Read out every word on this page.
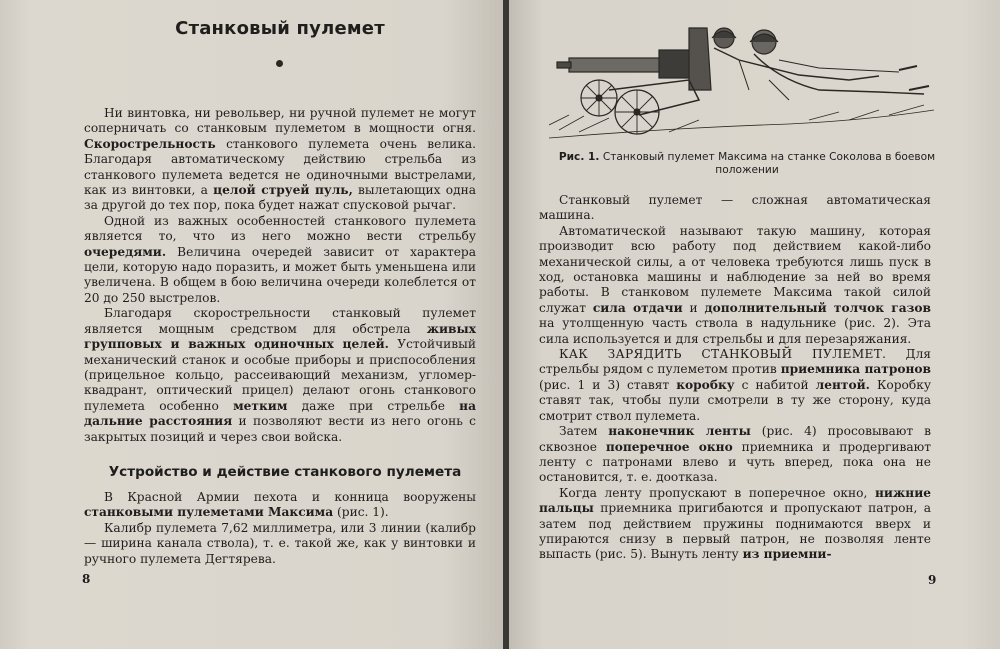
Станковый пулемет

Ни винтовка, ни револьвер, ни ручной пулемет не могут соперничать со станковым пулеметом в мощности огня. Скорострельность станкового пулемета очень велика. Благодаря автоматическому действию стрельба из станкового пулемета ведется не одиночными выстрелами, как из винтовки, а целой струей пуль, вылетающих одна за другой до тех пор, пока будет нажат спусковой рычаг.

Одной из важных особенностей станкового пулемета является то, что из него можно вести стрельбу очередями. Величина очередей зависит от характера цели, которую надо поразить, и может быть уменьшена или увеличена. В общем в бою величина очереди колеблется от 20 до 250 выстрелов.

Благодаря скорострельности станковый пулемет является мощным средством для обстрела живых групповых и важных одиночных целей. Устойчивый механический станок и особые приборы и приспособления (прицельное кольцо, рассеивающий механизм, угломер-квадрант, оптический прицел) делают огонь станкового пулемета особенно метким даже при стрельбе на дальние расстояния и позволяют вести из него огонь с закрытых позиций и через свои войска.

Устройство и действие станкового пулемета

В Красной Армии пехота и конница вооружены станковыми пулеметами Максима (рис. 1).

Калибр пулемета 7,62 миллиметра, или 3 линии (калибр — ширина канала ствола), т. е. такой же, как у винтовки и ручного пулемета Дегтярева.

8
Рис. 1. Станковый пулемет Максима на станке Соколова в боевом положении

Станковый пулемет — сложная автоматическая машина.

Автоматической называют такую машину, которая производит всю работу под действием какой-либо механической силы, а от человека требуются лишь пуск в ход, остановка машины и наблюдение за ней во время работы. В станковом пулемете Максима такой силой служат сила отдачи и дополнительный толчок газов на утолщенную часть ствола в надульнике (рис. 2). Эта сила используется и для стрельбы и для перезаряжания.

КАК ЗАРЯДИТЬ СТАНКОВЫЙ ПУЛЕМЕТ. Для стрельбы рядом с пулеметом против приемника патронов (рис. 1 и 3) ставят коробку с набитой лентой. Коробку ставят так, чтобы пули смотрели в ту же сторону, куда смотрит ствол пулемета.

Затем наконечник ленты (рис. 4) просовывают в сквозное поперечное окно приемника и продергивают ленту с патронами влево и чуть вперед, пока она не остановится, т. е. доотказа.

Когда ленту пропускают в поперечное окно, нижние пальцы приемника пригибаются и пропускают патрон, а затем под действием пружины поднимаются вверх и упираются снизу в первый патрон, не позволяя ленте выпасть (рис. 5). Вынуть ленту из приемни-

9
